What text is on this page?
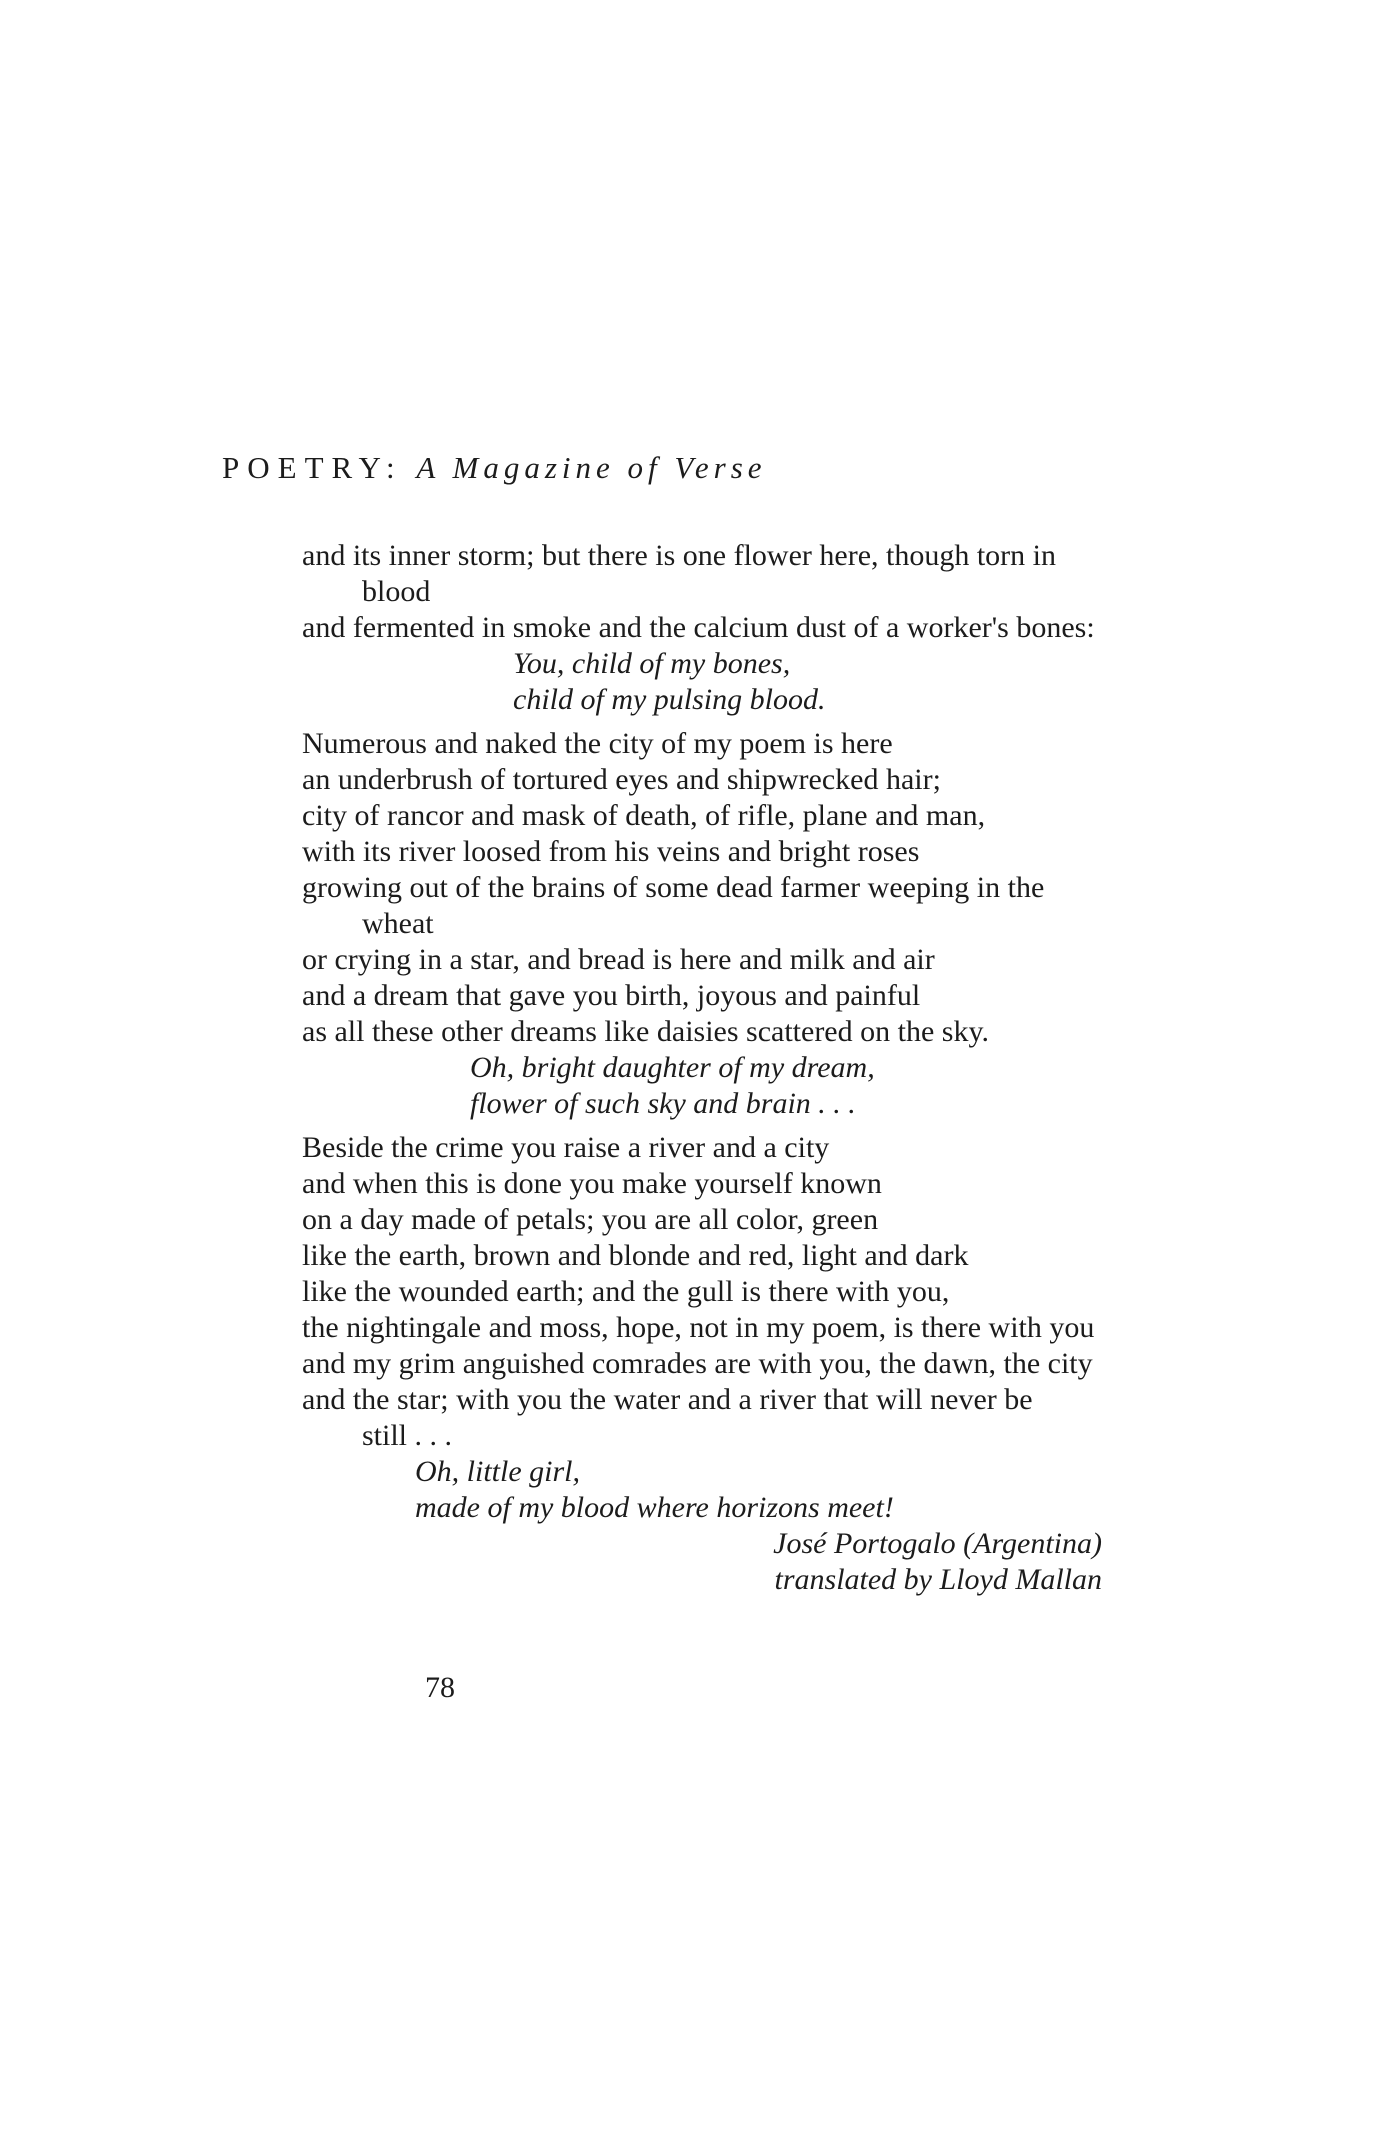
POETRY: A Magazine of Verse
and its inner storm; but there is one flower here, though torn in
blood
and fermented in smoke and the calcium dust of a worker's bones:
You, child of my bones,
child of my pulsing blood.
Numerous and naked the city of my poem is here
an underbrush of tortured eyes and shipwrecked hair;
city of rancor and mask of death, of rifle, plane and man,
with its river loosed from his veins and bright roses
growing out of the brains of some dead farmer weeping in the
wheat
or crying in a star, and bread is here and milk and air
and a dream that gave you birth, joyous and painful
as all these other dreams like daisies scattered on the sky.
Oh, bright daughter of my dream,
flower of such sky and brain . . .
Beside the crime you raise a river and a city
and when this is done you make yourself known
on a day made of petals; you are all color, green
like the earth, brown and blonde and red, light and dark
like the wounded earth; and the gull is there with you,
the nightingale and moss, hope, not in my poem, is there with you
and my grim anguished comrades are with you, the dawn, the city
and the star; with you the water and a river that will never be
still . . .
Oh, little girl,
made of my blood where horizons meet!
José Portogalo (Argentina)
translated by Lloyd Mallan
78
